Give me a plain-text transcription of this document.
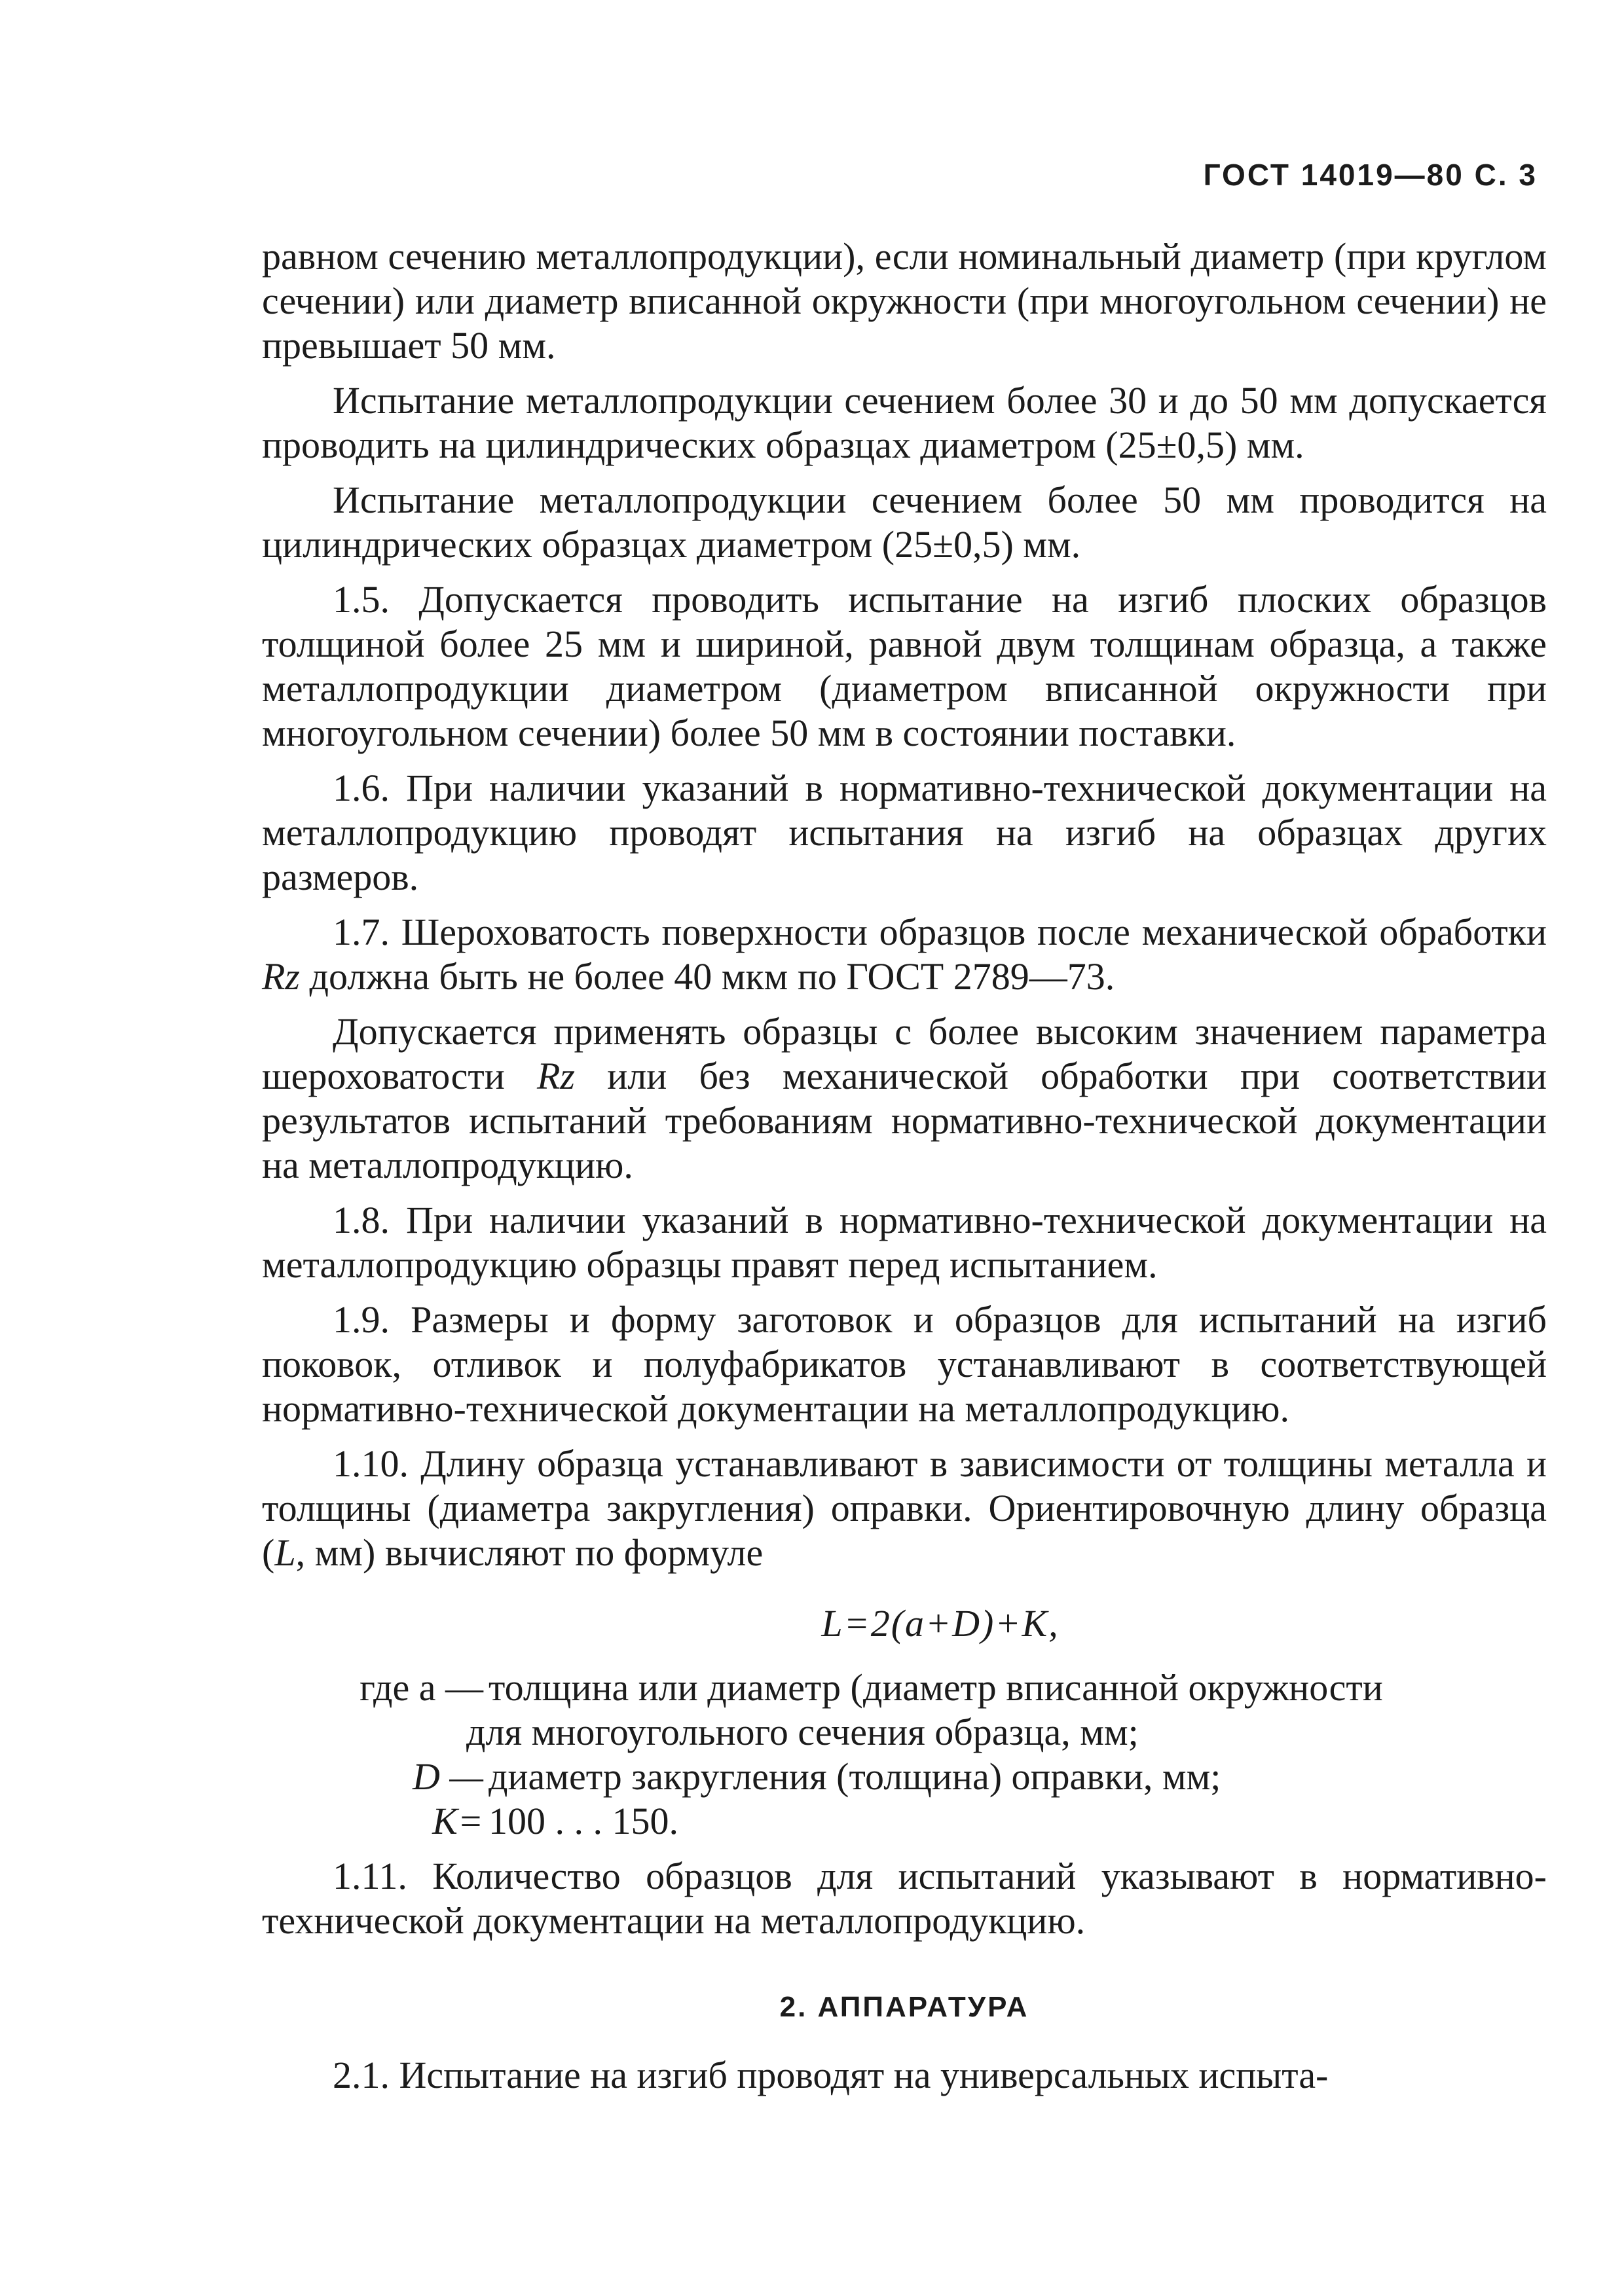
ГОСТ 14019—80 С. 3

равном сечению металлопродукции), если номинальный диаметр (при круглом сечении) или диаметр вписанной окружности (при многоугольном сечении) не превышает 50 мм.

Испытание металлопродукции сечением более 30 и до 50 мм допускается проводить на цилиндрических образцах диаметром (25±0,5) мм.

Испытание металлопродукции сечением более 50 мм проводится на цилиндрических образцах диаметром (25±0,5) мм.

1.5. Допускается проводить испытание на изгиб плоских образцов толщиной более 25 мм и шириной, равной двум толщинам образца, а также металлопродукции диаметром (диаметром вписанной окружности при многоугольном сечении) более 50 мм в состоянии поставки.

1.6. При наличии указаний в нормативно-технической документации на металлопродукцию проводят испытания на изгиб на образцах других размеров.

1.7. Шероховатость поверхности образцов после механической обработки Rz должна быть не более 40 мкм по ГОСТ 2789—73.

Допускается применять образцы с более высоким значением параметра шероховатости Rz или без механической обработки при соответствии результатов испытаний требованиям нормативно-технической документации на металлопродукцию.

1.8. При наличии указаний в нормативно-технической документации на металлопродукцию образцы правят перед испытанием.

1.9. Размеры и форму заготовок и образцов для испытаний на изгиб поковок, отливок и полуфабрикатов устанавливают в соответствующей нормативно-технической документации на металлопродукцию.

1.10. Длину образца устанавливают в зависимости от толщины металла и толщины (диаметра закругления) оправки. Ориентировочную длину образца (L, мм) вычисляют по формуле

L=2(a+D)+K,
где a — толщина или диаметр (диаметр вписанной окружности
для многоугольного сечения образца, мм;
D — диаметр закругления (толщина) оправки, мм;
K= 100 . . . 150.

1.11. Количество образцов для испытаний указывают в нормативно-технической документации на металлопродукцию.

2. АППАРАТУРА

2.1. Испытание на изгиб проводят на универсальных испыта-
